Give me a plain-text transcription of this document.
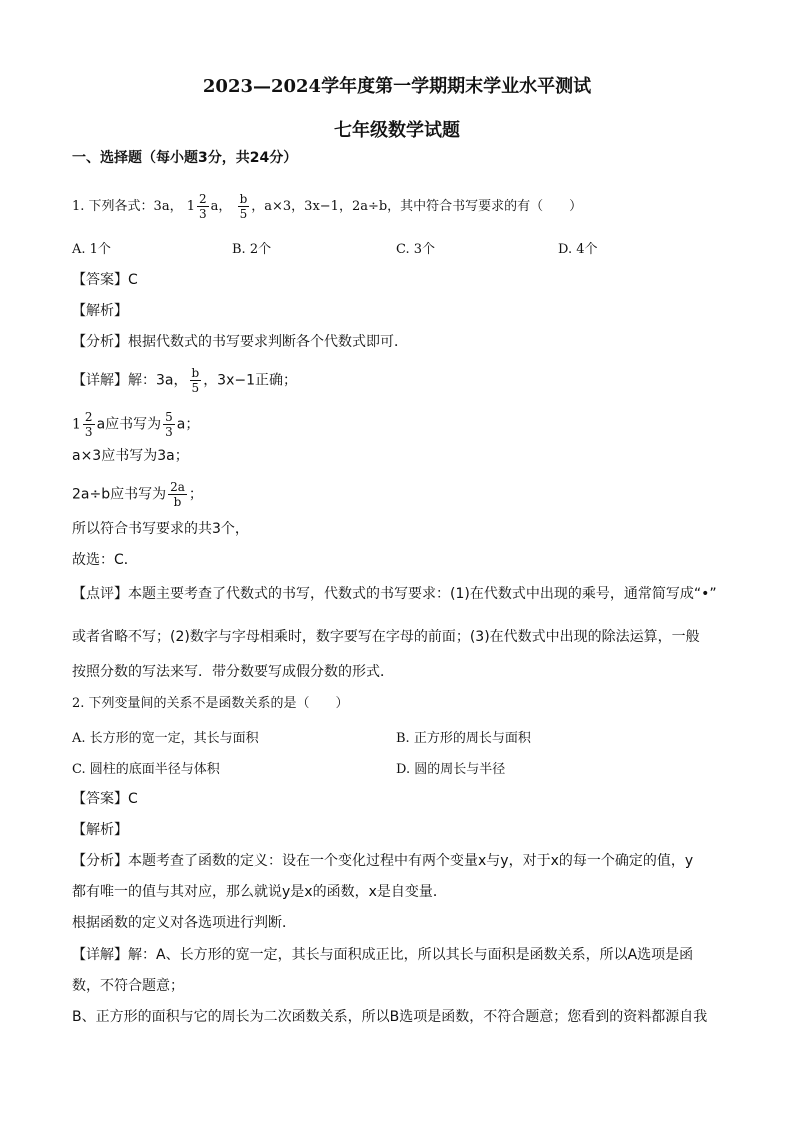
2023—2024学年度第一学期期末学业水平测试
七年级数学试题
一、选择题（每小题3分，共24分）
1. 下列各式：3a， $1 \frac{2}{3}$ a， $\frac{b}{5}$ ，a×3，3x−1，2a÷b，其中符合书写要求的有（　　）
A. 1个	B. 2个	C. 3个	D. 4个
【答案】C
【解析】
【分析】根据代数式的书写要求判断各个代数式即可．
【详解】解：3a， $\frac{b}{5}$ ，3x−1正确；
$1 \frac{2}{3}$ a应书写为 $\frac{5}{3}$ a；
a×3应书写为3a；
2a÷b应书写为 $\frac{2a}{b}$ ；
所以符合书写要求的共3个，
故选：C．
【点评】本题主要考查了代数式的书写，代数式的书写要求：(1)在代数式中出现的乘号，通常简写成“•”
或者省略不写；(2)数字与字母相乘时，数字要写在字母的前面；(3)在代数式中出现的除法运算，一般
按照分数的写法来写．带分数要写成假分数的形式．
2. 下列变量间的关系不是函数关系的是（　　）
A. 长方形的宽一定，其长与面积	B. 正方形的周长与面积
C. 圆柱的底面半径与体积	D. 圆的周长与半径
【答案】C
【解析】
【分析】本题考查了函数的定义：设在一个变化过程中有两个变量x与y，对于x的每一个确定的值，y
都有唯一的值与其对应，那么就说y是x的函数，x是自变量．
根据函数的定义对各选项进行判断．
【详解】解：A、长方形的宽一定，其长与面积成正比，所以其长与面积是函数关系，所以A选项是函
数，不符合题意；
B、正方形的面积与它的周长为二次函数关系，所以B选项是函数，不符合题意；您看到的资料都源自我
